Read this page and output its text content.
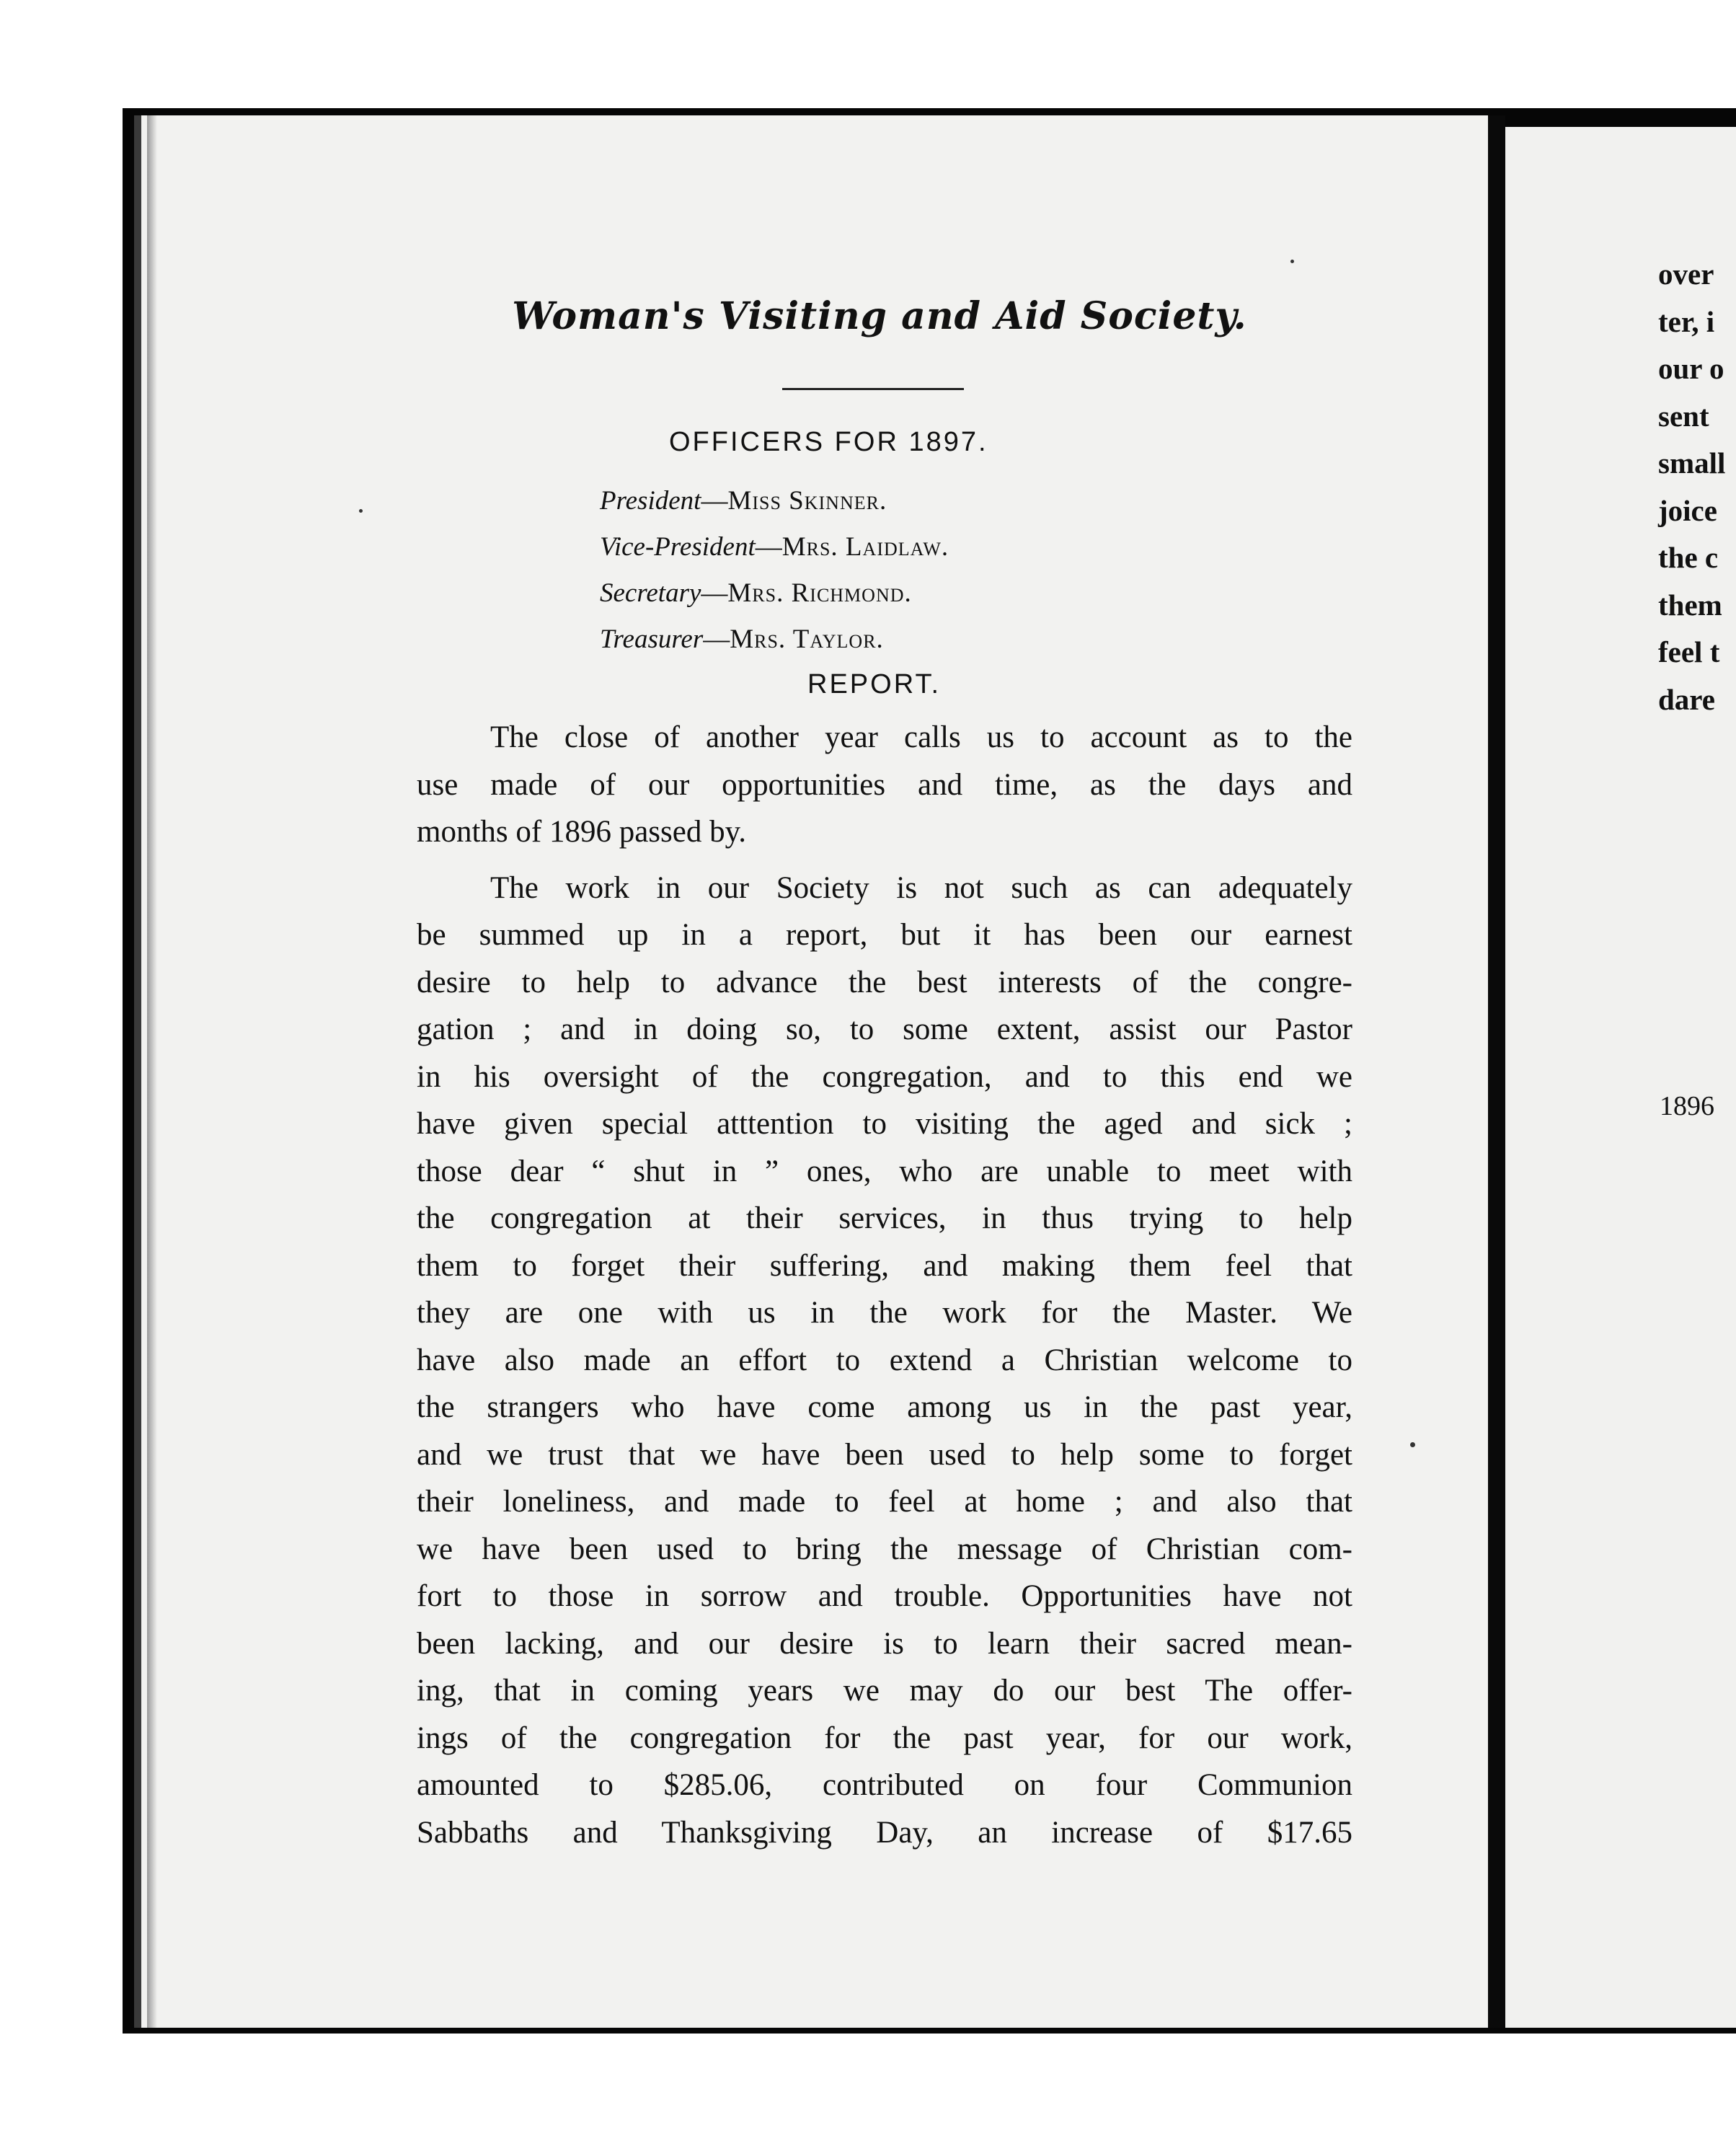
Woman's Visiting and Aid Society.
OFFICERS FOR 1897.
President—Miss Skinner.
Vice-President—Mrs. Laidlaw.
Secretary—Mrs. Richmond.
Treasurer—Mrs. Taylor.
REPORT.
The close of another year calls us to account as to the
use made of our opportunities and time, as the days and
months of 1896 passed by.
The work in our Society is not such as can adequately
be summed up in a report, but it has been our earnest
desire to help to advance the best interests of the congre-
gation ; and in doing so, to some extent, assist our Pastor
in his oversight of the congregation, and to this end we
have given special atttention to visiting the aged and sick ;
those dear “ shut in ” ones, who are unable to meet with
the congregation at their services, in thus trying to help
them to forget their suffering, and making them feel that
they are one with us in the work for the Master. We
have also made an effort to extend a Christian welcome to
the strangers who have come among us in the past year,
and we trust that we have been used to help some to forget
their loneliness, and made to feel at home ; and also that
we have been used to bring the message of Christian com-
fort to those in sorrow and trouble. Opportunities have not
been lacking, and our desire is to learn their sacred mean-
ing, that in coming years we may do our best The offer-
ings of the congregation for the past year, for our work,
amounted to $285.06, contributed on four Communion
Sabbaths and Thanksgiving Day, an increase of $17.65
over
ter, i
our o
sent
small
joice
the c
them
feel t
dare
1896
